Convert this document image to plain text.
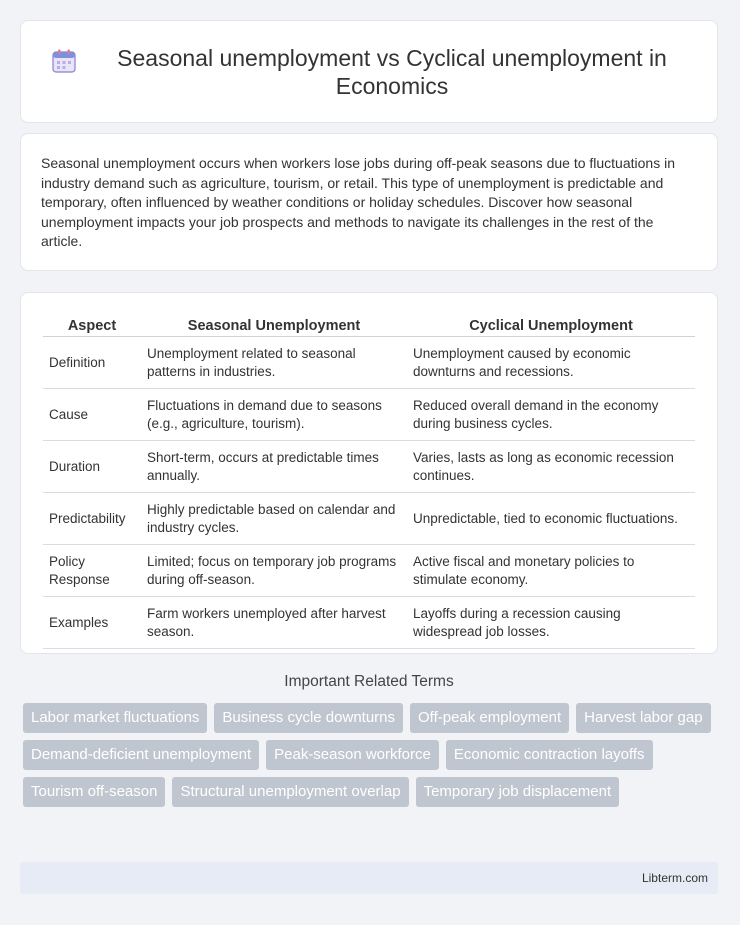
Seasonal unemployment vs Cyclical unemployment in Economics

Seasonal unemployment occurs when workers lose jobs during off-peak seasons due to fluctuations in industry demand such as agriculture, tourism, or retail. This type of unemployment is predictable and temporary, often influenced by weather conditions or holiday schedules. Discover how seasonal unemployment impacts your job prospects and methods to navigate its challenges in the rest of the article.

Aspect	Seasonal Unemployment	Cyclical Unemployment
Definition	Unemployment related to seasonal patterns in industries.	Unemployment caused by economic downturns and recessions.
Cause	Fluctuations in demand due to seasons (e.g., agriculture, tourism).	Reduced overall demand in the economy during business cycles.
Duration	Short-term, occurs at predictable times annually.	Varies, lasts as long as economic recession continues.
Predictability	Highly predictable based on calendar and industry cycles.	Unpredictable, tied to economic fluctuations.
Policy Response	Limited; focus on temporary job programs during off-season.	Active fiscal and monetary policies to stimulate economy.
Examples	Farm workers unemployed after harvest season.	Layoffs during a recession causing widespread job losses.

Important Related Terms

Labor market fluctuations	Business cycle downturns	Off-peak employment	Harvest labor gap
Demand-deficient unemployment	Peak-season workforce	Economic contraction layoffs
Tourism off-season	Structural unemployment overlap	Temporary job displacement
Libterm.com
